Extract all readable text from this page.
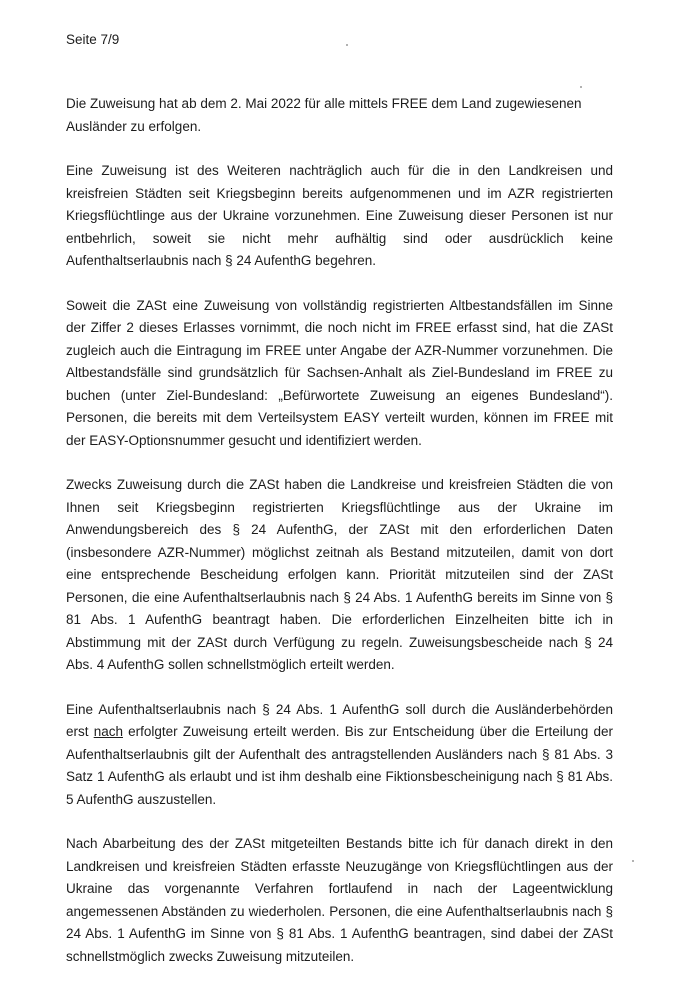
Seite 7/9

Die Zuweisung hat ab dem 2. Mai 2022 für alle mittels FREE dem Land zugewiesenen Ausländer zu erfolgen.

Eine Zuweisung ist des Weiteren nachträglich auch für die in den Landkreisen und kreisfreien Städten seit Kriegsbeginn bereits aufgenommenen und im AZR registrierten Kriegsflüchtlinge aus der Ukraine vorzunehmen. Eine Zuweisung dieser Personen ist nur entbehrlich, soweit sie nicht mehr aufhältig sind oder ausdrücklich keine Aufenthaltserlaubnis nach § 24 AufenthG begehren.

Soweit die ZASt eine Zuweisung von vollständig registrierten Altbestandsfällen im Sinne der Ziffer 2 dieses Erlasses vornimmt, die noch nicht im FREE erfasst sind, hat die ZASt zugleich auch die Eintragung im FREE unter Angabe der AZR-Nummer vorzunehmen. Die Altbestandsfälle sind grundsätzlich für Sachsen-Anhalt als Ziel-Bundesland im FREE zu buchen (unter Ziel-Bundesland: „Befürwortete Zuweisung an eigenes Bundesland“). Personen, die bereits mit dem Verteilsystem EASY verteilt wurden, können im FREE mit der EASY-Optionsnummer gesucht und identifiziert werden.

Zwecks Zuweisung durch die ZASt haben die Landkreise und kreisfreien Städten die von Ihnen seit Kriegsbeginn registrierten Kriegsflüchtlinge aus der Ukraine im Anwendungsbereich des § 24 AufenthG, der ZASt mit den erforderlichen Daten (insbesondere AZR-Nummer) möglichst zeitnah als Bestand mitzuteilen, damit von dort eine entsprechende Bescheidung erfolgen kann. Priorität mitzuteilen sind der ZASt Personen, die eine Aufenthaltserlaubnis nach § 24 Abs. 1 AufenthG bereits im Sinne von § 81 Abs. 1 AufenthG beantragt haben. Die erforderlichen Einzelheiten bitte ich in Abstimmung mit der ZASt durch Verfügung zu regeln. Zuweisungsbescheide nach § 24 Abs. 4 AufenthG sollen schnellstmöglich erteilt werden.

Eine Aufenthaltserlaubnis nach § 24 Abs. 1 AufenthG soll durch die Ausländerbehörden erst nach erfolgter Zuweisung erteilt werden. Bis zur Entscheidung über die Erteilung der Aufenthaltserlaubnis gilt der Aufenthalt des antragstellenden Ausländers nach § 81 Abs. 3 Satz 1 AufenthG als erlaubt und ist ihm deshalb eine Fiktionsbescheinigung nach § 81 Abs. 5 AufenthG auszustellen.

Nach Abarbeitung des der ZASt mitgeteilten Bestands bitte ich für danach direkt in den Landkreisen und kreisfreien Städten erfasste Neuzugänge von Kriegsflüchtlingen aus der Ukraine das vorgenannte Verfahren fortlaufend in nach der Lageentwicklung angemessenen Abständen zu wiederholen. Personen, die eine Aufenthaltserlaubnis nach § 24 Abs. 1 AufenthG im Sinne von § 81 Abs. 1 AufenthG beantragen, sind dabei der ZASt schnellstmöglich zwecks Zuweisung mitzuteilen.
